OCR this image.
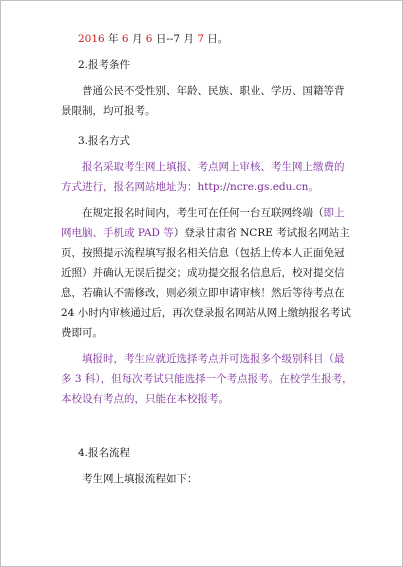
2016 年 6 月 6 日--7 月 7 日。

2.报考条件

普通公民不受性别、年龄、民族、职业、学历、国籍等背景限制，均可报考。

3.报名方式

报名采取考生网上填报、考点网上审核、考生网上缴费的方式进行，报名网站地址为：http://ncre.gs.edu.cn。

在规定报名时间内，考生可在任何一台互联网终端（即上网电脑、手机或 PAD 等）登录甘肃省 NCRE 考试报名网站主页，按照提示流程填写报名相关信息（包括上传本人正面免冠近照）并确认无误后提交；成功提交报名信息后，校对提交信息，若确认不需修改，则必须立即申请审核！然后等待考点在 24 小时内审核通过后，再次登录报名网站从网上缴纳报名考试费即可。

填报时，考生应就近选择考点并可选报多个级别科目（最多 3 科），但每次考试只能选择一个考点报考。在校学生报考，本校设有考点的，只能在本校报考。

4.报名流程

考生网上填报流程如下：
